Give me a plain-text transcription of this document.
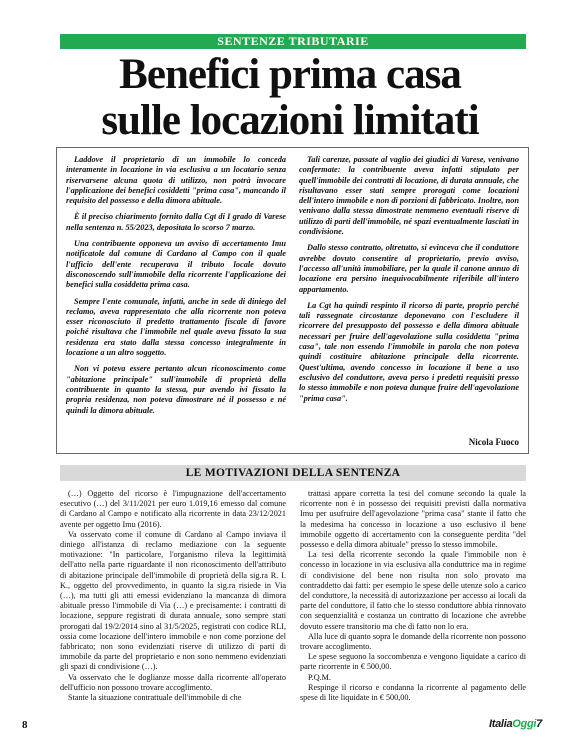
SENTENZE TRIBUTARIE
Benefici prima casa
sulle locazioni limitati

Laddove il proprietario di un immobile lo conceda interamente in locazione in via esclusiva a un locatario senza riservarsene alcuna quota di utilizzo, non potrà invocare l'applicazione dei benefici cosiddetti "prima casa", mancando il requisito del possesso e della dimora abituale.

È il preciso chiarimento fornito dalla Cgt di I grado di Varese nella sentenza n. 55/2023, depositata lo scorso 7 marzo.

Una contribuente opponeva un avviso di accertamento Imu notificatole dal comune di Cardano al Campo con il quale l'ufficio dell'ente recuperava il tributo locale dovuto disconoscendo sull'immobile della ricorrente l'applicazione dei benefici sulla cosiddetta prima casa.

Sempre l'ente comunale, infatti, anche in sede di diniego del reclamo, aveva rappresentato che alla ricorrente non poteva esser riconosciuto il predetto trattamento fiscale di favore poiché risultava che l'immobile nel quale aveva fissato la sua residenza era stato dalla stessa concesso integralmente in locazione a un altro soggetto.

Non vi poteva essere pertanto alcun riconoscimento come "abitazione principale" sull'immobile di proprietà della contribuente in quanto la stessa, pur avendo ivi fissato la propria residenza, non poteva dimostrare né il possesso e né quindi la dimora abituale.

Tali carenze, passate al vaglio dei giudici di Varese, venivano confermate: la contribuente aveva infatti stipulato per quell'immobile dei contratti di locazione, di durata annuale, che risultavano esser stati sempre prorogati come locazioni dell'intero immobile e non di porzioni di fabbricato. Inoltre, non venivano dalla stessa dimostrate nemmeno eventuali riserve di utilizzo di parti dell'immobile, né spazi eventualmente lasciati in condivisione.

Dallo stesso contratto, oltretutto, si evinceva che il conduttore avrebbe dovuto consentire al proprietario, previo avviso, l'accesso all'unità immobiliare, per la quale il canone annuo di locazione era persino inequivocabilmente riferibile all'intero appartamento.

La Cgt ha quindi respinto il ricorso di parte, proprio perché tali rassegnate circostanze deponevano con l'escludere il ricorrere del presupposto del possesso e della dimora abituale necessari per fruire dell'agevolazione sulla cosiddetta "prima casa", tale non essendo l'immobile in parola che non poteva quindi costituire abitazione principale della ricorrente. Quest'ultima, avendo concesso in locazione il bene a uso esclusivo del conduttore, aveva perso i predetti requisiti presso lo stesso immobile e non poteva dunque fruire dell'agevolazione "prima casa".

Nicola Fuoco
LE MOTIVAZIONI DELLA SENTENZA

(…) Oggetto del ricorso è l'impugnazione dell'accertamento esecutivo (…) del 3/11/2021 per euro 1.019,16 emesso dal comune di Cardano al Campo e notificato alla ricorrente in data 23/12/2021 avente per oggetto Imu (2016).

Va osservato come il comune di Cardano al Campo inviava il diniego all'istanza di reclamo mediazione con la seguente motivazione: "In particolare, l'organismo rileva la legittimità dell'atto nella parte riguardante il non riconoscimento dell'attributo di abitazione principale dell'immobile di proprietà della sig.ra R. I. K., oggetto del provvedimento, in quanto la sig.ra risiede in Via (…), ma tutti gli atti emessi evidenziano la mancanza di dimora abituale presso l'immobile di Via (…) e precisamente: i contratti di locazione, seppure registrati di durata annuale, sono sempre stati prorogati dal 19/2/2014 sino al 31/5/2025, registrati con codice RLI, ossia come locazione dell'intero immobile e non come porzione del fabbricato; non sono evidenziati riserve di utilizzo di parti di immobile da parte del proprietario e non sono nemmeno evidenziati gli spazi di condivisione (…).

Va osservato che le doglianze mosse dalla ricorrente all'operato dell'ufficio non possono trovare accoglimento.

Stante la situazione contrattuale dell'immobile di che

trattasi appare corretta la tesi del comune secondo la quale la ricorrente non è in possesso dei requisiti previsti dalla normativa Imu per usufruire dell'agevolazione "prima casa" stante il fatto che la medesima ha concesso in locazione a uso esclusivo il bene immobile oggetto di accertamento con la conseguente perdita "del possesso e della dimora abituale" presso lo stesso immobile.

La tesi della ricorrente secondo la quale l'immobile non è concesso in locazione in via esclusiva alla conduttrice ma in regime di condivisione del bene non risulta non solo provato ma contraddetto dai fatti: per esempio le spese delle utenze solo a carico del conduttore, la necessità di autorizzazione per accesso ai locali da parte del conduttore, il fatto che lo stesso conduttore abbia rinnovato con sequenzialità e costanza un contratto di locazione che avrebbe dovuto essere transitorio ma che di fatto non lo era.

Alla luce di quanto sopra le domande della ricorrente non possono trovare accoglimento.

Le spese seguono la soccombenza e vengono liquidate a carico di parte ricorrente in € 500,00.

P.Q.M.

Respinge il ricorso e condanna la ricorrente al pagamento delle spese di lite liquidate in € 500,00.

8	ItaliaOggi7
